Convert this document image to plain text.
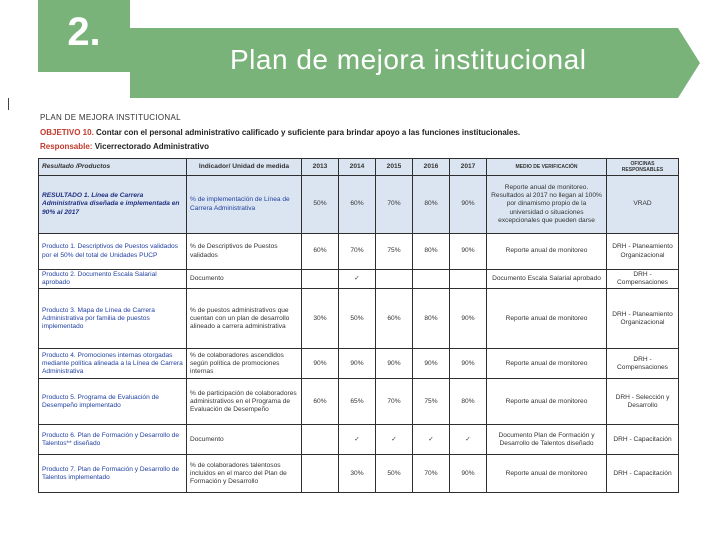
2.
Plan de mejora institucional
PLAN DE MEJORA INSTITUCIONAL
OBJETIVO 10. Contar con el personal administrativo calificado y suficiente para brindar apoyo a las funciones institucionales.
Responsable: Vicerrectorado Administrativo
Resultado /Productos	Indicador/ Unidad de medida	2013	2014	2015	2016	2017	MEDIO DE VERIFICACIÓN	OFICINAS RESPONSABLES
RESULTADO 1. Línea de Carrera Administrativa diseñada e implementada en 90% al 2017	% de implementación de Línea de Carrera Administrativa	50%	60%	70%	80%	90%	Reporte anual de monitoreo. Resultados al 2017 no llegan al 100% por dinamismo propio de la universidad o situaciones excepcionales que pueden darse	VRAD
Producto 1. Descriptivos de Puestos validados por el 50% del total de Unidades PUCP	% de Descriptivos de Puestos validados	60%	70%	75%	80%	90%	Reporte anual de monitoreo	DRH - Planeamiento Organizacional
Producto 2. Documento Escala Salarial aprobado	Documento		✓				Documento Escala Salarial aprobado	DRH - Compensaciones
Producto 3. Mapa de Línea de Carrera Administrativa por familia de puestos implementado	% de puestos administrativos que cuentan con un plan de desarrollo alineado a carrera administrativa	30%	50%	60%	80%	90%	Reporte anual de monitoreo	DRH - Planeamiento Organizacional
Producto 4. Promociones internas otorgadas mediante política alineada a la Línea de Carrera Administrativa	% de colaboradores ascendidos según política de promociones internas	90%	90%	90%	90%	90%	Reporte anual de monitoreo	DRH - Compensaciones
Producto 5. Programa de Evaluación de Desempeño implementado	% de participación de colaboradores administrativos en el Programa de Evaluación de Desempeño	60%	65%	70%	75%	80%	Reporte anual de monitoreo	DRH - Selección y Desarrollo
Producto 6. Plan de Formación y Desarrollo de Talentos** diseñado	Documento		✓	✓	✓	✓	Documento Plan de Formación y Desarrollo de Talentos diseñado	DRH - Capacitación
Producto 7. Plan de Formación y Desarrollo de Talentos implementado	% de colaboradores talentosos incluidos en el marco del Plan de Formación y Desarrollo		30%	50%	70%	90%	Reporte anual de monitoreo	DRH - Capacitación
